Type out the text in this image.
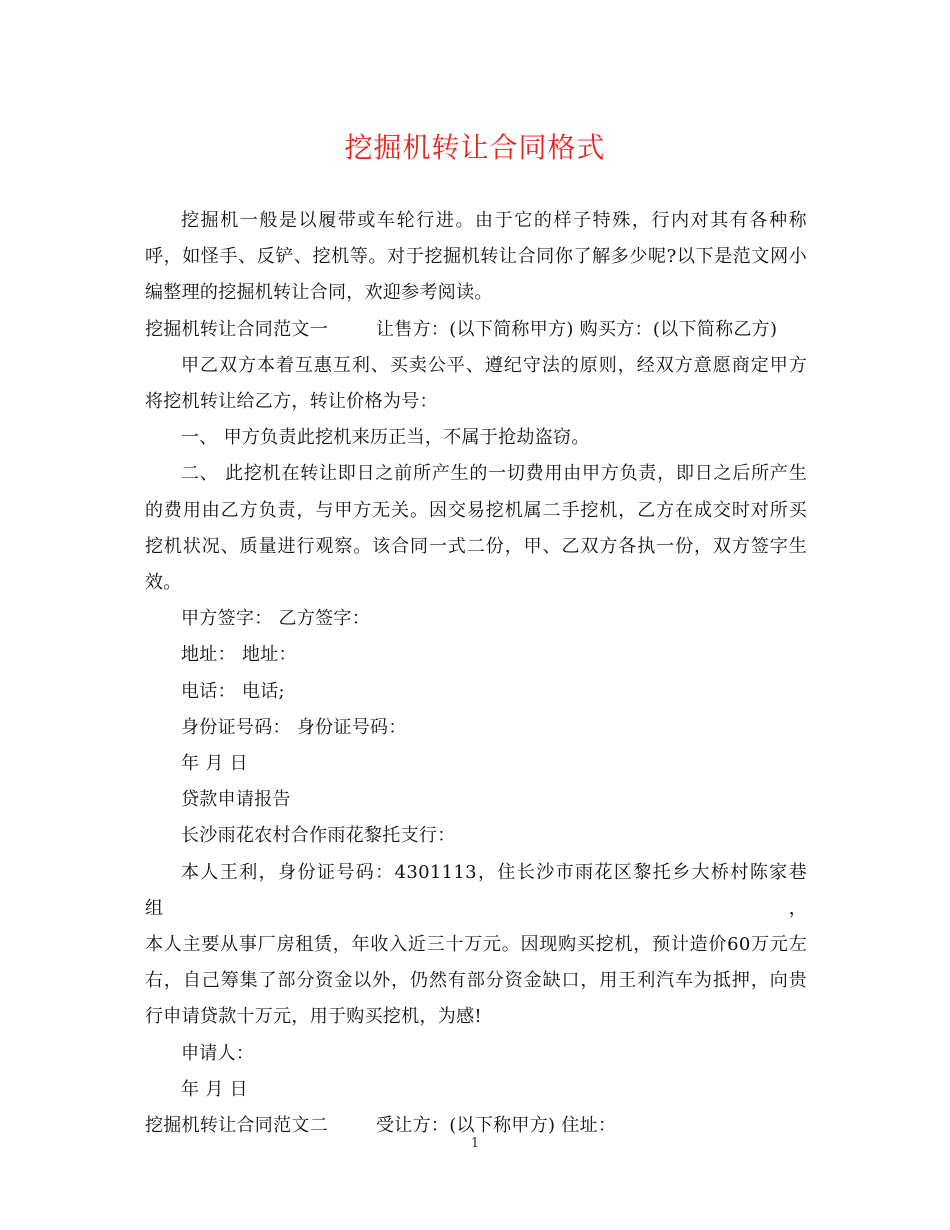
挖掘机转让合同格式

挖掘机一般是以履带或车轮行进。由于它的样子特殊，行内对其有各种称

呼，如怪手、反铲、挖机等。对于挖掘机转让合同你了解多少呢?以下是范文网小

编整理的挖掘机转让合同，欢迎参考阅读。

挖掘机转让合同范文一	让售方：(以下简称甲方) 购买方：(以下简称乙方)

甲乙双方本着互惠互利、买卖公平、遵纪守法的原则，经双方意愿商定甲方

将挖机转让给乙方，转让价格为号：

一、 甲方负责此挖机来历正当，不属于抢劫盗窃。

二、 此挖机在转让即日之前所产生的一切费用由甲方负责，即日之后所产生

的费用由乙方负责，与甲方无关。因交易挖机属二手挖机，乙方在成交时对所买

挖机状况、质量进行观察。该合同一式二份，甲、乙双方各执一份，双方签字生

效。

甲方签字： 乙方签字：

地址： 地址：

电话： 电话;

身份证号码： 身份证号码：

年 月 日

贷款申请报告

长沙雨花农村合作雨花黎托支行：

本人王利，身份证号码：4301113，住长沙市雨花区黎托乡大桥村陈家巷组，

本人主要从事厂房租赁，年收入近三十万元。因现购买挖机，预计造价60万元左

右，自己筹集了部分资金以外，仍然有部分资金缺口，用王利汽车为抵押，向贵

行申请贷款十万元，用于购买挖机，为感!

申请人：

年 月 日

挖掘机转让合同范文二	受让方：(以下称甲方) 住址：
1
